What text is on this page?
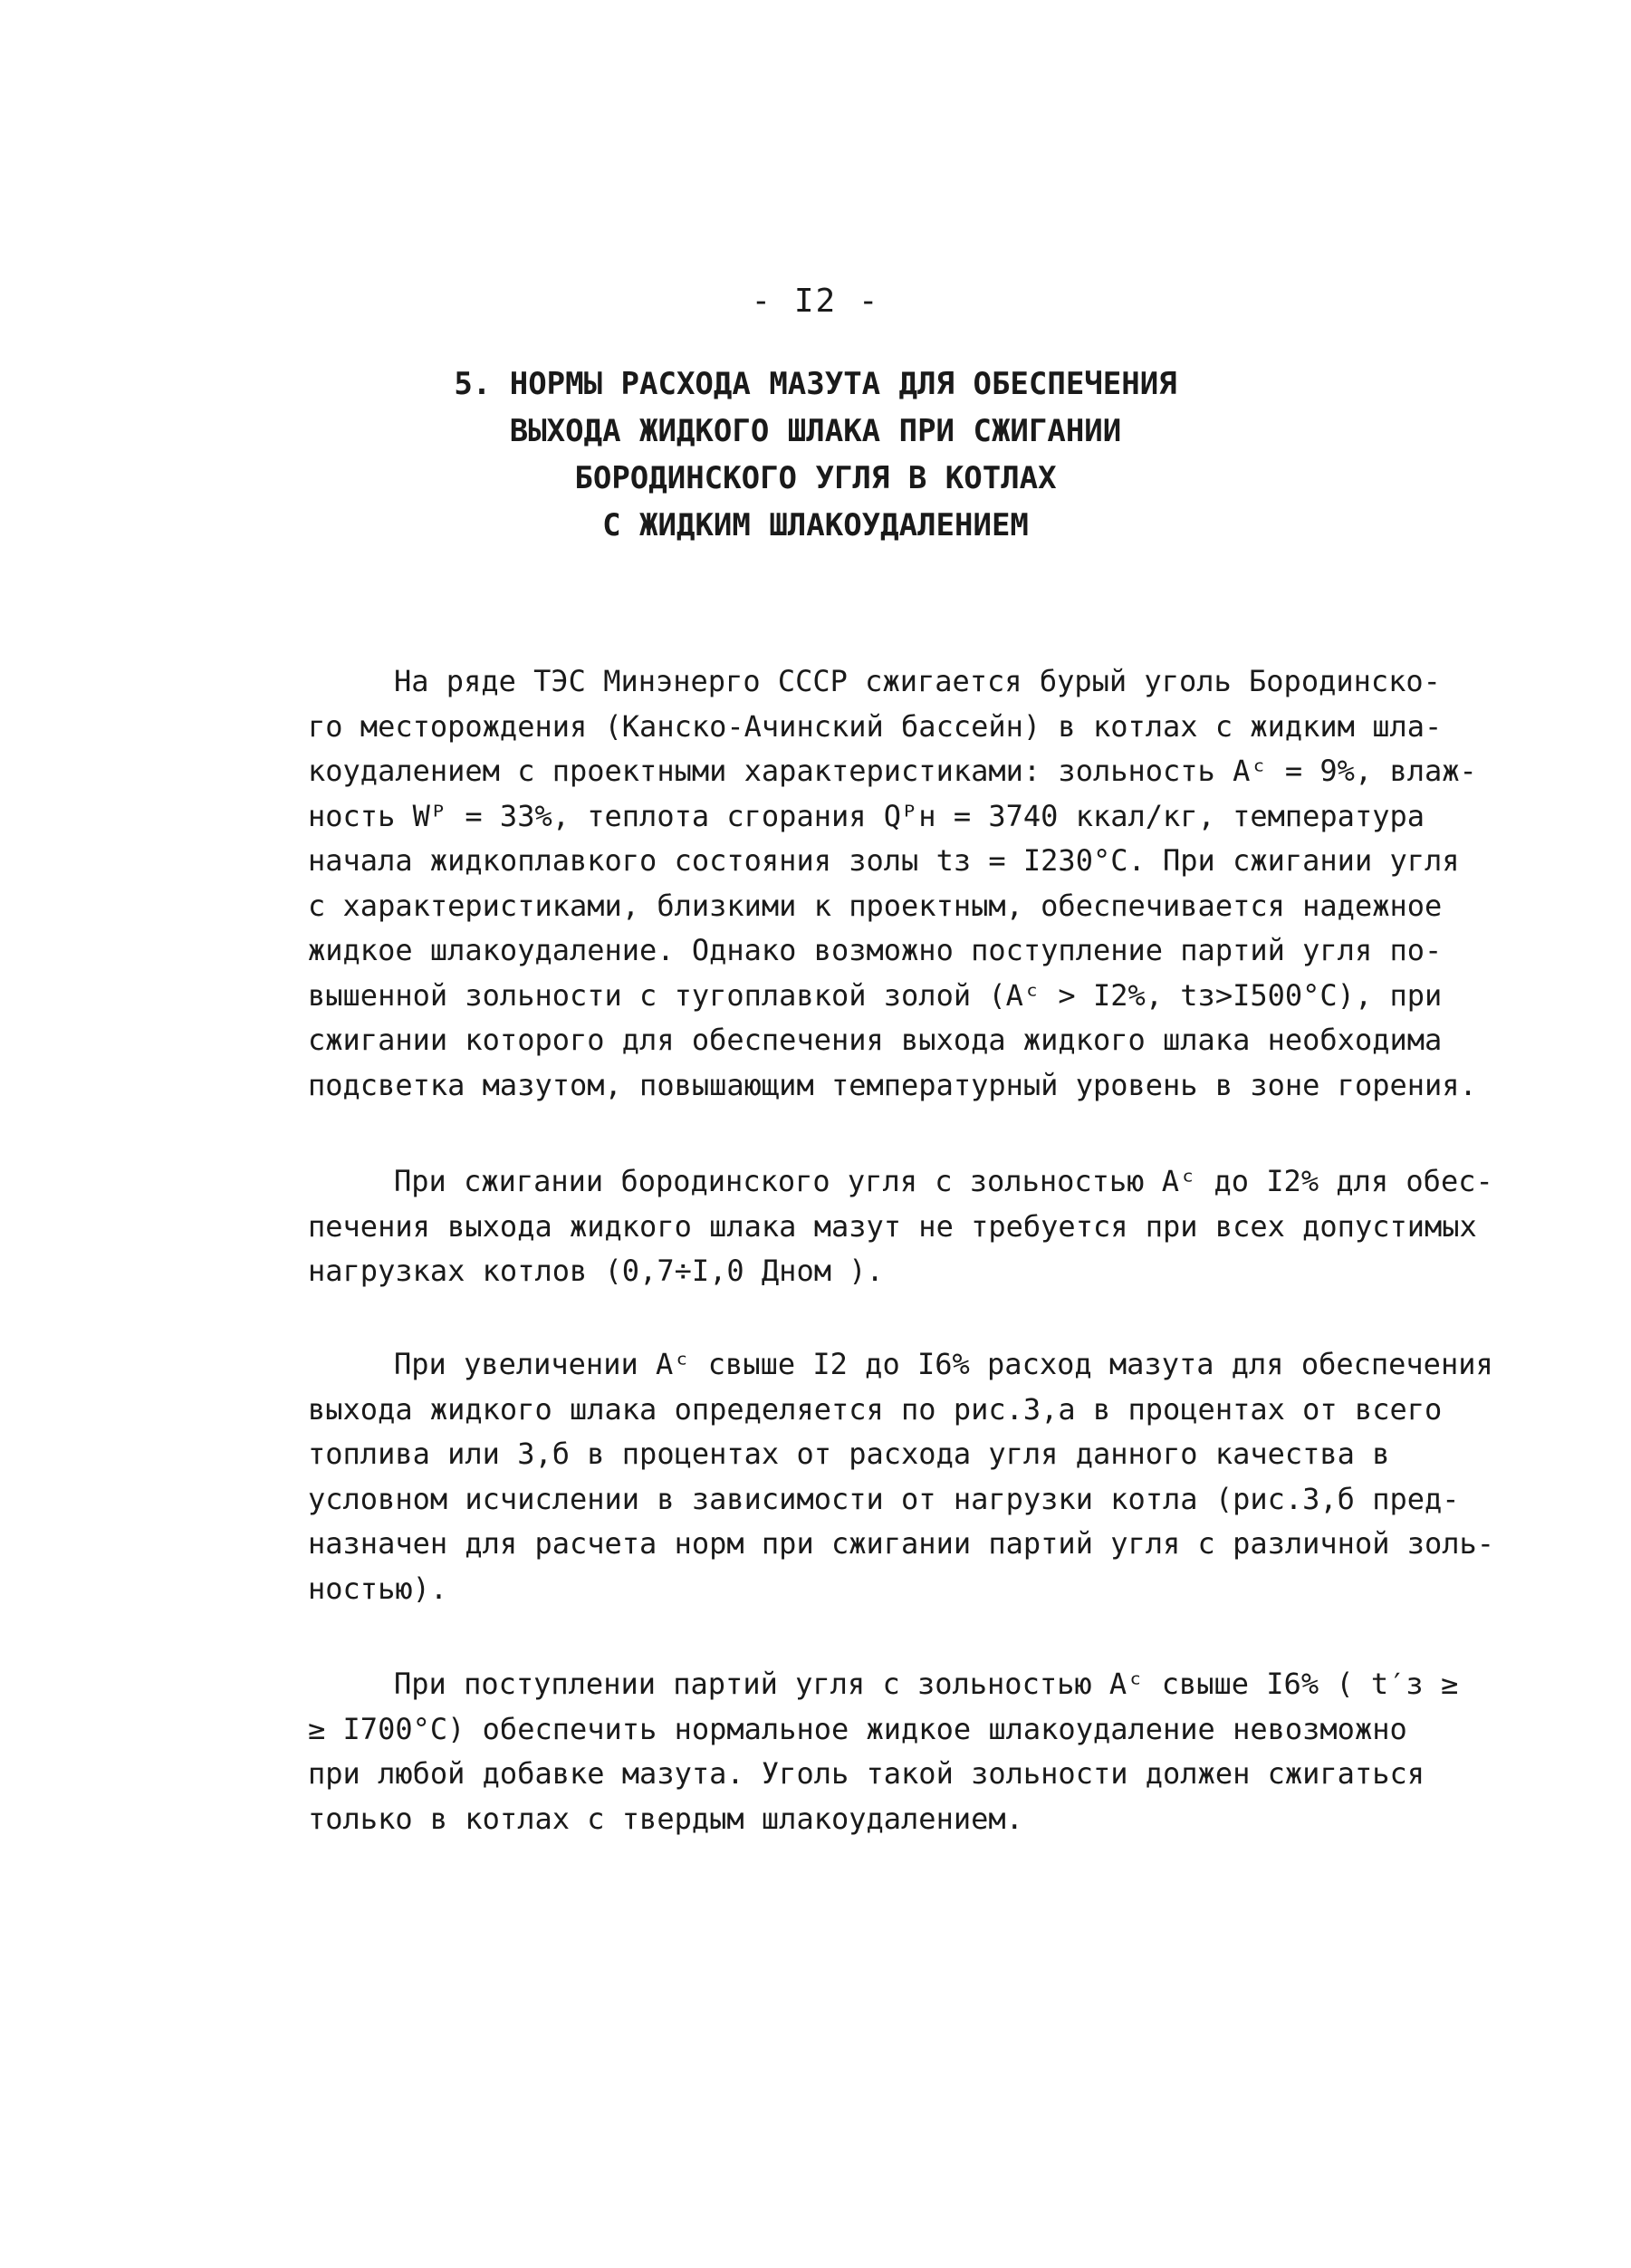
- I2 -
5. НОРМЫ РАСХОДА МАЗУТА ДЛЯ ОБЕСПЕЧЕНИЯ
ВЫХОДА ЖИДКОГО ШЛАКА ПРИ СЖИГАНИИ
БОРОДИНСКОГО УГЛЯ В КОТЛАХ
С ЖИДКИМ ШЛАКОУДАЛЕНИЕМ
На ряде ТЭС Минэнерго СССР сжигается бурый уголь Бородинско-
го месторождения (Канско-Ачинский бассейн) в котлах с жидким шла-
коудалением с проектными характеристиками: зольность Aᶜ = 9%, влаж-
ность Wᴾ = 33%, теплота сгорания Qᴾн = 3740 ккал/кг, температура
начала жидкоплавкого состояния золы tз = I230°С. При сжигании угля
с характеристиками, близкими к проектным, обеспечивается надежное
жидкое шлакоудаление. Однако возможно поступление партий угля по-
вышенной зольности с тугоплавкой золой (Aᶜ > I2%, tз>I500°С), при
сжигании которого для обеспечения выхода жидкого шлака необходима
подсветка мазутом, повышающим температурный уровень в зоне горения.
При сжигании бородинского угля с зольностью Aᶜ до I2% для обес-
печения выхода жидкого шлака мазут не требуется при всех допустимых
нагрузках котлов (0,7÷I,0 Дном ).
При увеличении Aᶜ свыше I2 до I6% расход мазута для обеспечения
выхода жидкого шлака определяется по рис.3,а в процентах от всего
топлива или 3,б в процентах от расхода угля данного качества в
условном исчислении в зависимости от нагрузки котла (рис.3,б пред-
назначен для расчета норм при сжигании партий угля с различной золь-
ностью).
При поступлении партий угля с зольностью Aᶜ свыше I6% ( t′з ≥
≥ I700°С) обеспечить нормальное жидкое шлакоудаление невозможно
при любой добавке мазута. Уголь такой зольности должен сжигаться
только в котлах с твердым шлакоудалением.
